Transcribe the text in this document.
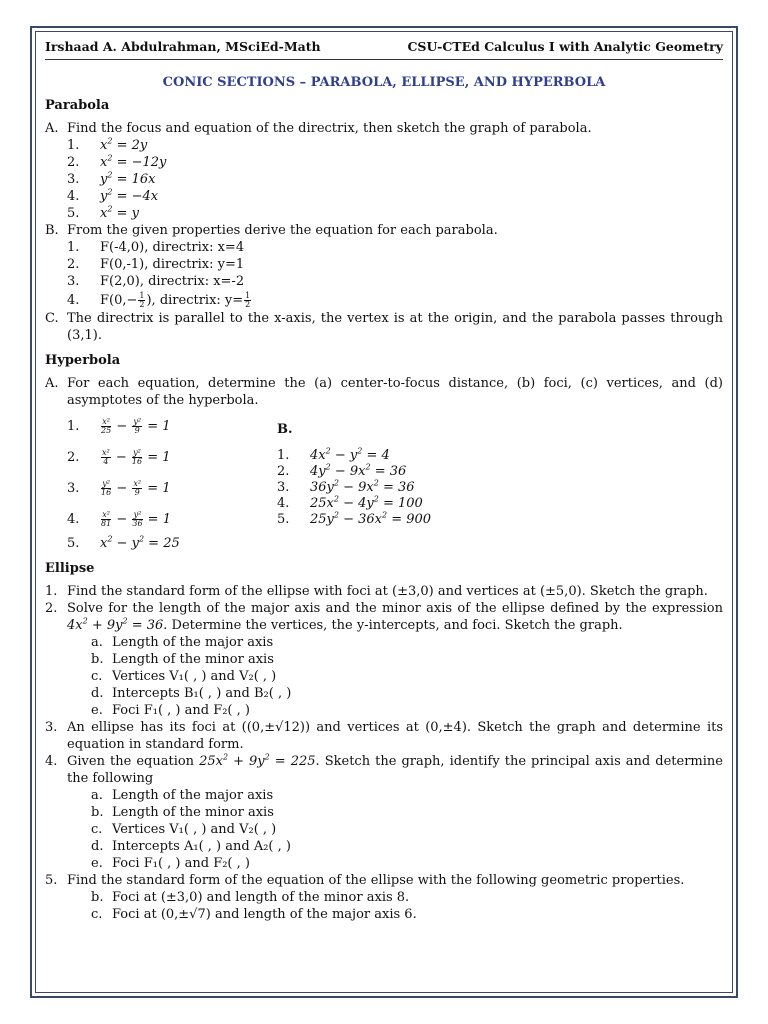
Irshaad A. Abdulrahman, MSciEd-Math	CSU-CTEd Calculus I with Analytic Geometry
CONIC SECTIONS – PARABOLA, ELLIPSE, AND HYPERBOLA
Parabola
A. Find the focus and equation of the directrix, then sketch the graph of parabola.
1.	$x^2 = 2y$
2.	$x^2 = -12y$
3.	$y^2 = 16x$
4.	$y^2 = -4x$
5.	$x^2 = y$
B. From the given properties derive the equation for each parabola.
1.	F(-4,0), directrix: x=4
2.	F(0,-1), directrix: y=1
3.	F(2,0), directrix: x=-2
4.	$F(0,- \frac{1}{2}$ ), directrix: $y= \frac{1}{2}$
C. The directrix is parallel to the x-axis, the vertex is at the origin, and the parabola passes through (3,1).
Hyperbola
A. For each equation, determine the (a) center-to-focus distance, (b) foci, (c) vertices, and (d) asymptotes of the hyperbola.
1.	$\frac{\text{x²}}{25} - \frac{\text{y²}}{9} = 1$
2.	$\frac{\text{x²}}{4} - \frac{\text{y²}}{16} = 1$
3.	$\frac{\text{y²}}{16} - \frac{\text{x²}}{9} = 1$
4.	$\frac{\text{x²}}{81} - \frac{\text{y²}}{36} = 1$
5.	$x^2 - y^2 = 25$
B.
1.	$4x^2 - y^2 = 4$
2.	$4y^2 - 9x^2 = 36$
3.	$36y^2 - 9x^2 = 36$
4.	$25x^2 - 4y^2 = 100$
5.	$25y^2 - 36x^2 = 900$
Ellipse
1. Find the standard form of the ellipse with foci at (±3,0) and vertices at (±5,0). Sketch the graph.
2. Solve for the length of the major axis and the minor axis of the ellipse defined by the expression $4x^2 + 9y^2 = 36$. Determine the vertices, the y-intercepts, and foci. Sketch the graph.
a. Length of the major axis
b. Length of the minor axis
c. Vertices V₁( , ) and V₂( , )
d. Intercepts B₁( , ) and B₂( , )
e. Foci F₁( , ) and F₂( , )
3. An ellipse has its foci at ((0,±√12)) and vertices at (0,±4). Sketch the graph and determine its equation in standard form.
4. Given the equation $25x^2 + 9y^2 = 225$. Sketch the graph, identify the principal axis and determine the following
a. Length of the major axis
b. Length of the minor axis
c. Vertices V₁( , ) and V₂( , )
d. Intercepts A₁( , ) and A₂( , )
e. Foci F₁( , ) and F₂( , )
5. Find the standard form of the equation of the ellipse with the following geometric properties.
b. Foci at (±3,0) and length of the minor axis 8.
c. Foci at (0,±√7) and length of the major axis 6.
